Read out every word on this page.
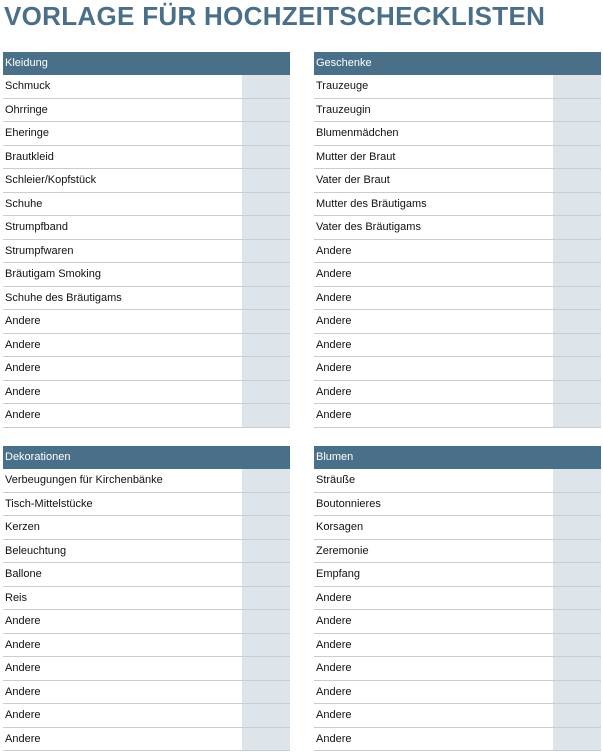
VORLAGE FÜR HOCHZEITSCHECKLISTEN
Kleidung
Schmuck
Ohrringe
Eheringe
Brautkleid
Schleier/Kopfstück
Schuhe
Strumpfband
Strumpfwaren
Bräutigam Smoking
Schuhe des Bräutigams
Andere
Andere
Andere
Andere
Andere
Geschenke
Trauzeuge
Trauzeugin
Blumenmädchen
Mutter der Braut
Vater der Braut
Mutter des Bräutigams
Vater des Bräutigams
Andere
Andere
Andere
Andere
Andere
Andere
Andere
Andere
Dekorationen
Verbeugungen für Kirchenbänke
Tisch-Mittelstücke
Kerzen
Beleuchtung
Ballone
Reis
Andere
Andere
Andere
Andere
Andere
Andere
Blumen
Sträuße
Boutonnieres
Korsagen
Zeremonie
Empfang
Andere
Andere
Andere
Andere
Andere
Andere
Andere
